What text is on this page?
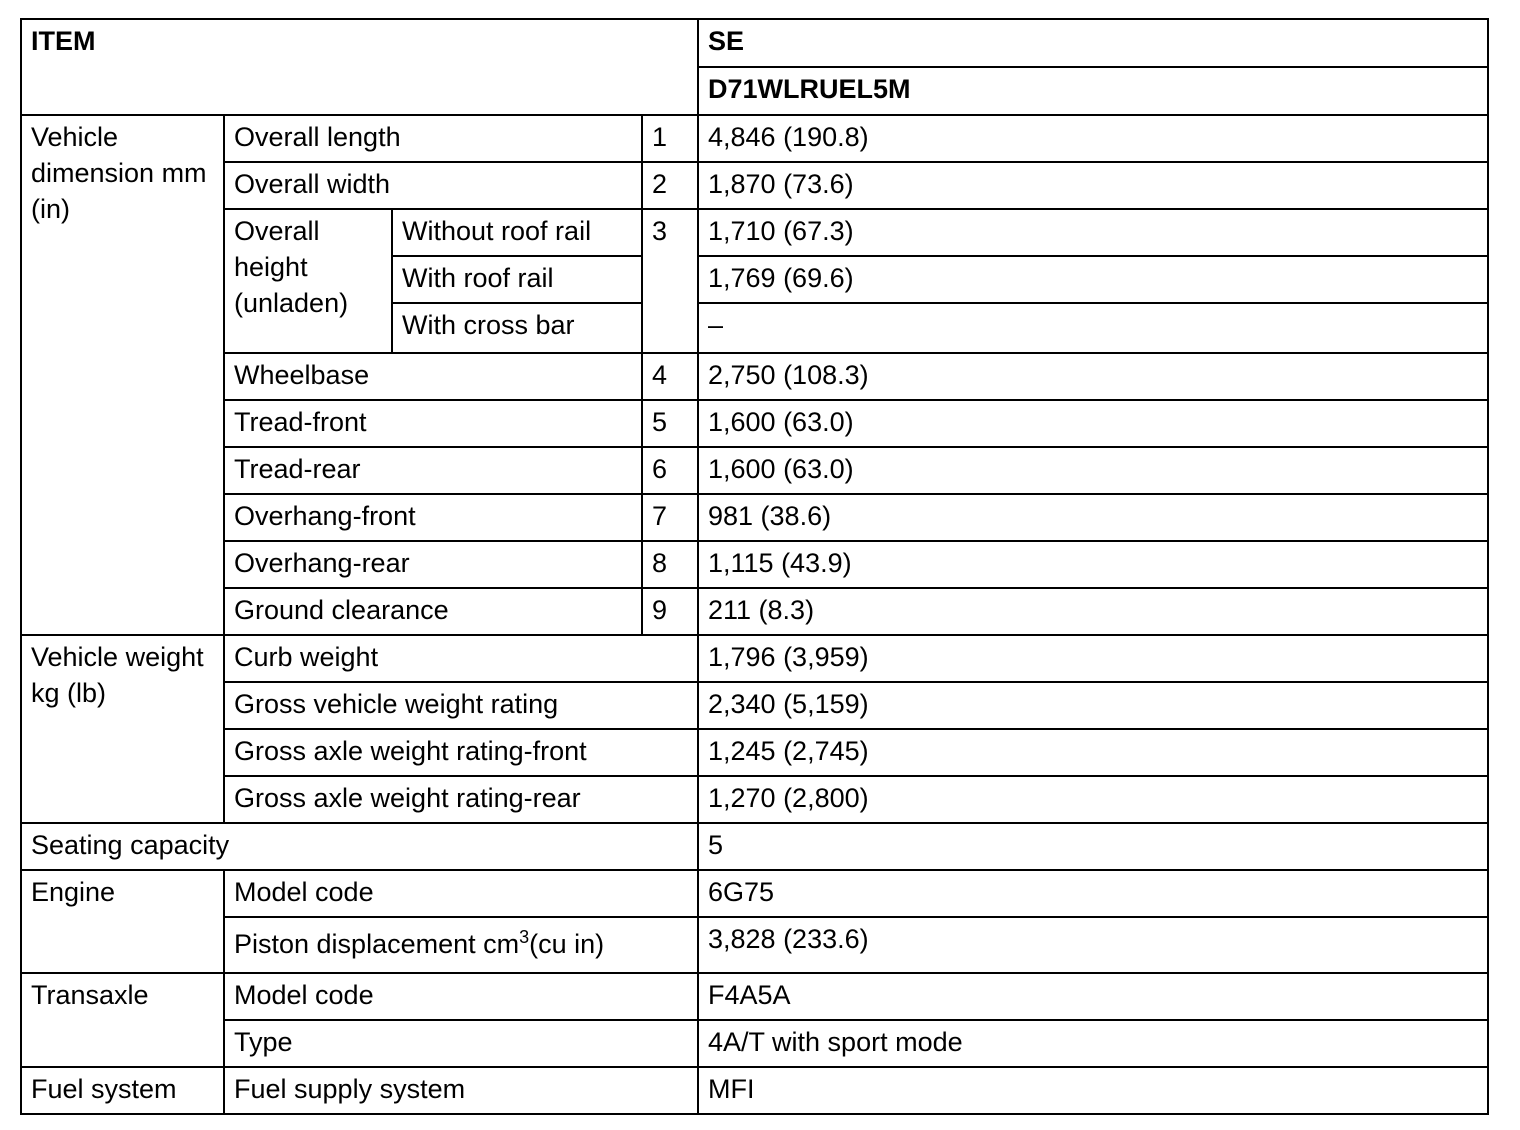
ITEM				SE
				D71WLRUEL5M
Vehicle dimension mm (in)	Overall length		1	4,846 (190.8)
	Overall width		2	1,870 (73.6)
	Overall height (unladen)	Without roof rail	3	1,710 (67.3)
		With roof rail		1,769 (69.6)
		With cross bar		–
	Wheelbase		4	2,750 (108.3)
	Tread-front		5	1,600 (63.0)
	Tread-rear		6	1,600 (63.0)
	Overhang-front		7	981 (38.6)
	Overhang-rear		8	1,115 (43.9)
	Ground clearance		9	211 (8.3)
Vehicle weight kg (lb)	Curb weight			1,796 (3,959)
	Gross vehicle weight rating			2,340 (5,159)
	Gross axle weight rating-front			1,245 (2,745)
	Gross axle weight rating-rear			1,270 (2,800)
Seating capacity				5
Engine	Model code			6G75
	Piston displacement $cm^3(cu$ in)			3,828 (233.6)
Transaxle	Model code			F4A5A
	Type			4A/T with sport mode
Fuel system	Fuel supply system			MFI
